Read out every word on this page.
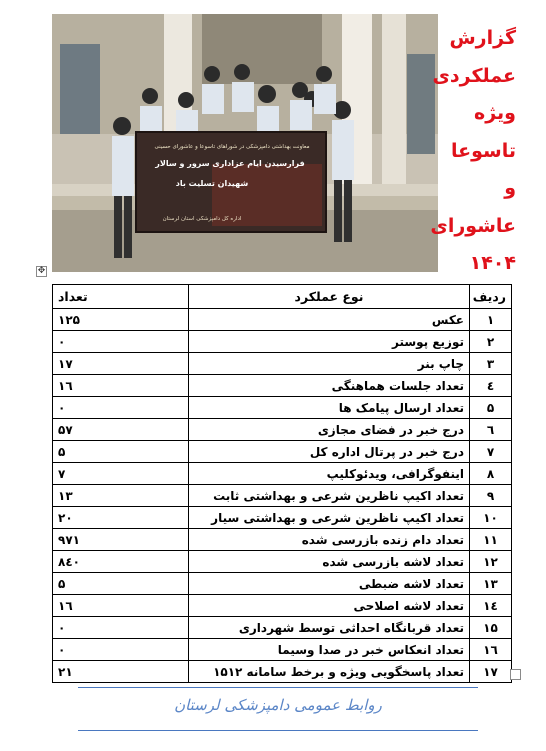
معاونت بهداشتی دامپزشکی در شوراهای تاسوعا و عاشورای حسینی
فرارسیدن ایام عزاداری سرور و سالار
شهیدان تسلیت باد
اداره کل دامپزشکی استان لرستان
گزارش
عملکردی
ویژه
تاسوعا
و عاشورای
۱۴۰۴
✥
ردیف	نوع عملکرد	تعداد
۱	عکس	۱۲۵
۲	توزیع پوستر	۰
۳	چاپ بنر	۱۷
٤	تعداد جلسات هماهنگی	۱٦
۵	تعداد ارسال پیامک ها	۰
٦	درج خبر در فضای مجازی	۵۷
۷	درج خبر در پرتال اداره کل	۵
۸	اینفوگرافی، ویدئوکلیپ	۷
۹	تعداد اکیپ ناظرین شرعی و بهداشتی ثابت	۱۳
۱۰	تعداد اکیپ ناظرین شرعی و بهداشتی سیار	۲۰
۱۱	تعداد دام زنده بازرسی شده	۹۷۱
۱۲	تعداد لاشه بازرسی شده	۸٤۰
۱۳	تعداد لاشه ضبطی	۵
۱٤	تعداد لاشه اصلاحی	۱٦
۱۵	تعداد قربانگاه احداثی توسط شهرداری	۰
۱٦	تعداد انعکاس خبر در صدا وسیما	۰
۱۷	تعداد پاسخگویی ویژه و برخط سامانه ۱۵۱۲	۲۱
روابط عمومی دامپزشکی لرستان
